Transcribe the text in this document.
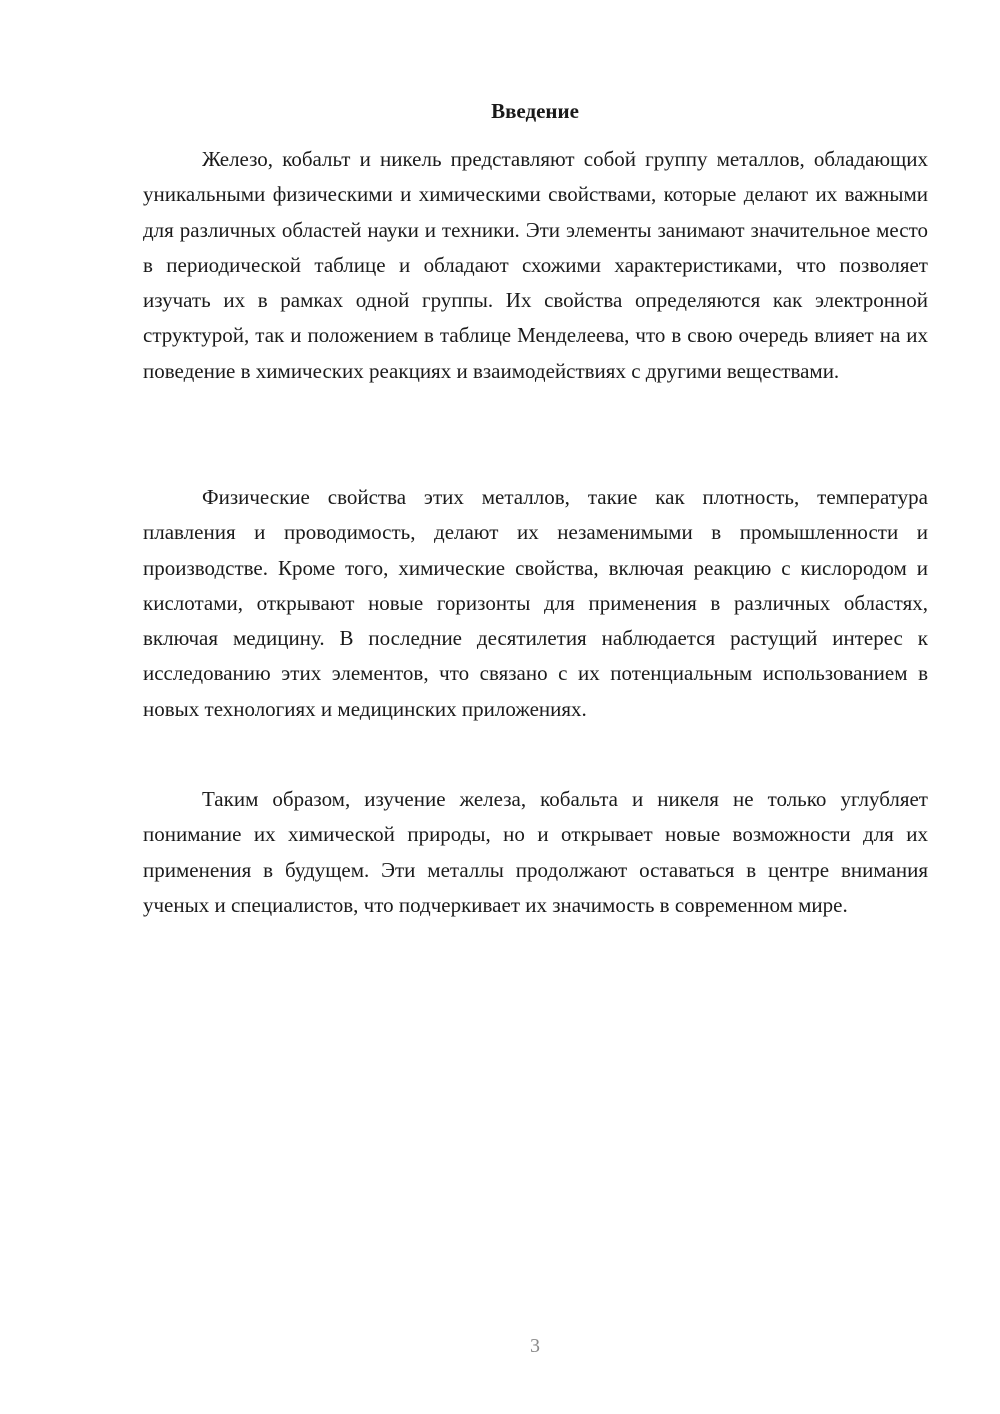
Введение

Железо, кобальт и никель представляют собой группу металлов, обладающих уникальными физическими и химическими свойствами, которые делают их важными для различных областей науки и техники. Эти элементы занимают значительное место в периодической таблице и обладают схожими характеристиками, что позволяет изучать их в рамках одной группы. Их свойства определяются как электронной структурой, так и положением в таблице Менделеева, что в свою очередь влияет на их поведение в химических реакциях и взаимодействиях с другими веществами.

Физические свойства этих металлов, такие как плотность, температура плавления и проводимость, делают их незаменимыми в промышленности и производстве. Кроме того, химические свойства, включая реакцию с кислородом и кислотами, открывают новые горизонты для применения в различных областях, включая медицину. В последние десятилетия наблюдается растущий интерес к исследованию этих элементов, что связано с их потенциальным использованием в новых технологиях и медицинских приложениях.

Таким образом, изучение железа, кобальта и никеля не только углубляет понимание их химической природы, но и открывает новые возможности для их применения в будущем. Эти металлы продолжают оставаться в центре внимания ученых и специалистов, что подчеркивает их значимость в современном мире.

3
